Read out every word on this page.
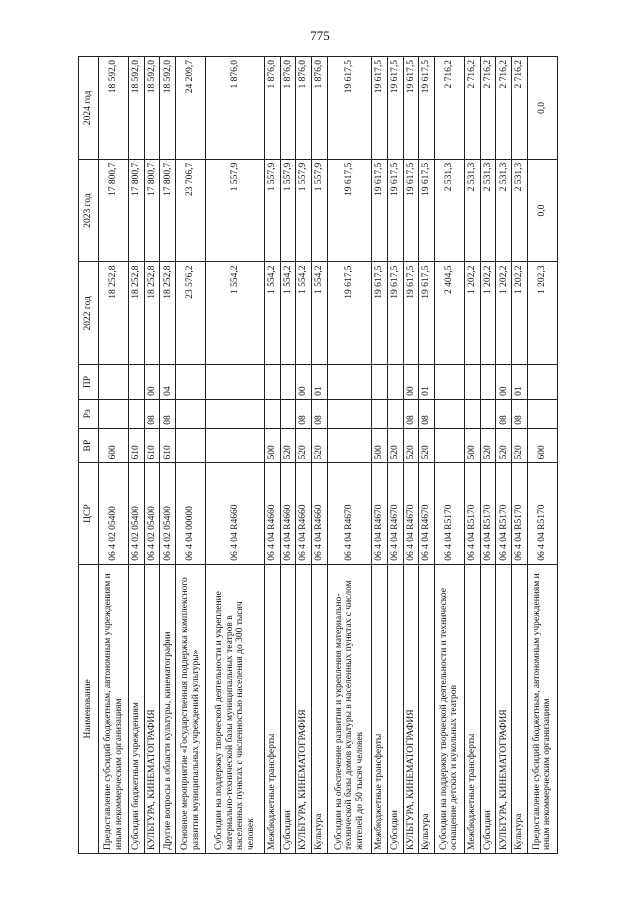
775
Наименование	ЦСР	ВР	Рз	ПР	2022 год	2023 год	2024 год
Предоставление субсидий бюджетным, автономным учреждениям и иным некоммерческим организациям	06 4 02 05400	600			18 252,8	17 800,7	18 592,0
Субсидии бюджетным учреждениям	06 4 02 05400	610			18 252,8	17 800,7	18 592,0
КУЛЬТУРА, КИНЕМАТОГРАФИЯ	06 4 02 05400	610	08	00	18 252,8	17 800,7	18 592,0
Другие вопросы в области культуры, кинематографии	06 4 02 05400	610	08	04	18 252,8	17 800,7	18 592,0
Основное мероприятие «Государственная поддержка комплексного развития муниципальных учреждений культуры»	06 4 04 00000				23 576,2	23 706,7	24 209,7
Субсидии на поддержку творческой деятельности и укрепление материально-технической базы муниципальных театров в населенных пунктах с численностью населения до 300 тысяч человек	06 4 04 R4660				1 554,2	1 557,9	1 876,0
Межбюджетные трансферты	06 4 04 R4660	500			1 554,2	1 557,9	1 876,0
Субсидии	06 4 04 R4660	520			1 554,2	1 557,9	1 876,0
КУЛЬТУРА, КИНЕМАТОГРАФИЯ	06 4 04 R4660	520	08	00	1 554,2	1 557,9	1 876,0
Культура	06 4 04 R4660	520	08	01	1 554,2	1 557,9	1 876,0
Субсидии на обеспечение развития и укрепления материально-технической базы домов культуры в населенных пунктах с числом жителей до 50 тысяч человек	06 4 04 R4670				19 617,5	19 617,5	19 617,5
Межбюджетные трансферты	06 4 04 R4670	500			19 617,5	19 617,5	19 617,5
Субсидии	06 4 04 R4670	520			19 617,5	19 617,5	19 617,5
КУЛЬТУРА, КИНЕМАТОГРАФИЯ	06 4 04 R4670	520	08	00	19 617,5	19 617,5	19 617,5
Культура	06 4 04 R4670	520	08	01	19 617,5	19 617,5	19 617,5
Субсидии на поддержку творческой деятельности и техническое оснащение детских и кукольных театров	06 4 04 R5170				2 404,5	2 531,3	2 716,2
Межбюджетные трансферты	06 4 04 R5170	500			1 202,2	2 531,3	2 716,2
Субсидии	06 4 04 R5170	520			1 202,2	2 531,3	2 716,2
КУЛЬТУРА, КИНЕМАТОГРАФИЯ	06 4 04 R5170	520	08	00	1 202,2	2 531,3	2 716,2
Культура	06 4 04 R5170	520	08	01	1 202,2	2 531,3	2 716,2
Предоставление субсидий бюджетным, автономным учреждениям и иным некоммерческим организациям	06 4 04 R5170	600			1 202,3	0,0	0,0
